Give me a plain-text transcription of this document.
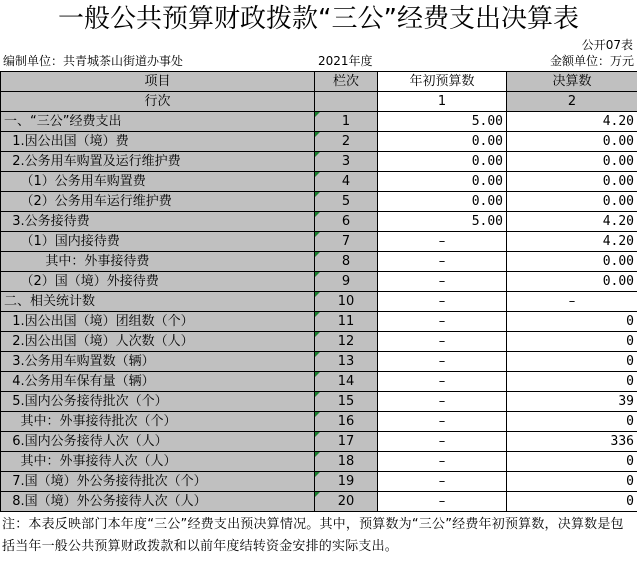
一般公共预算财政拨款“三公”经费支出决算表
公开07表
编制单位：共青城茶山街道办事处	2021年度	金额单位：万元
项目	栏次	年初预算数	决算数
行次		1	2
一、“三公”经费支出	1	5.00	4.20
1.因公出国（境）费	2	0.00	0.00
2.公务用车购置及运行维护费	3	0.00	0.00
（1）公务用车购置费	4	0.00	0.00
（2）公务用车运行维护费	5	0.00	0.00
3.公务接待费	6	5.00	4.20
（1）国内接待费	7	–	4.20
其中：外事接待费	8	–	0.00
（2）国（境）外接待费	9	–	0.00
二、相关统计数	10	–	–
1.因公出国（境）团组数（个）	11	–	0
2.因公出国（境）人次数（人）	12	–	0
3.公务用车购置数（辆）	13	–	0
4.公务用车保有量（辆）	14	–	0
5.国内公务接待批次（个）	15	–	39
其中：外事接待批次（个）	16	–	0
6.国内公务接待人次（人）	17	–	336
其中：外事接待人次（人）	18	–	0
7.国（境）外公务接待批次（个）	19	–	0
8.国（境）外公务接待人次（人）	20	–	0
注：本表反映部门本年度“三公”经费支出预决算情况。其中，预算数为“三公”经费年初预算数，决算数是包括当年一般公共预算财政拨款和以前年度结转资金安排的实际支出。
